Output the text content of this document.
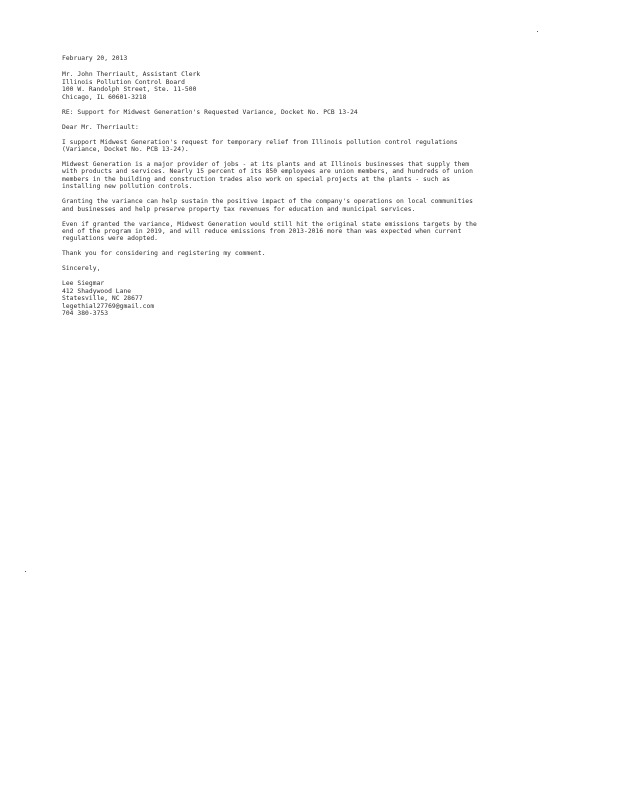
February 20, 2013
Mr. John Therriault, Assistant Clerk
Illinois Pollution Control Board
100 W. Randolph Street, Ste. 11-500
Chicago, IL 60601-3218
RE: Support for Midwest Generation's Requested Variance, Docket No. PCB 13-24
Dear Mr. Therriault:
I support Midwest Generation's request for temporary relief from Illinois pollution control regulations
(Variance, Docket No. PCB 13-24).
Midwest Generation is a major provider of jobs - at its plants and at Illinois businesses that supply them
with products and services. Nearly 15 percent of its 850 employees are union members, and hundreds of union
members in the building and construction trades also work on special projects at the plants - such as
installing new pollution controls.
Granting the variance can help sustain the positive impact of the company's operations on local communities
and businesses and help preserve property tax revenues for education and municipal services.
Even if granted the variance, Midwest Generation would still hit the original state emissions targets by the
end of the program in 2019, and will reduce emissions from 2013-2016 more than was expected when current
regulations were adopted.
Thank you for considering and registering my comment.
Sincerely,
Lee Siegmar
412 Shadywood Lane
Statesville, NC 28677
legethial27769@gmail.com
704 380-3753
